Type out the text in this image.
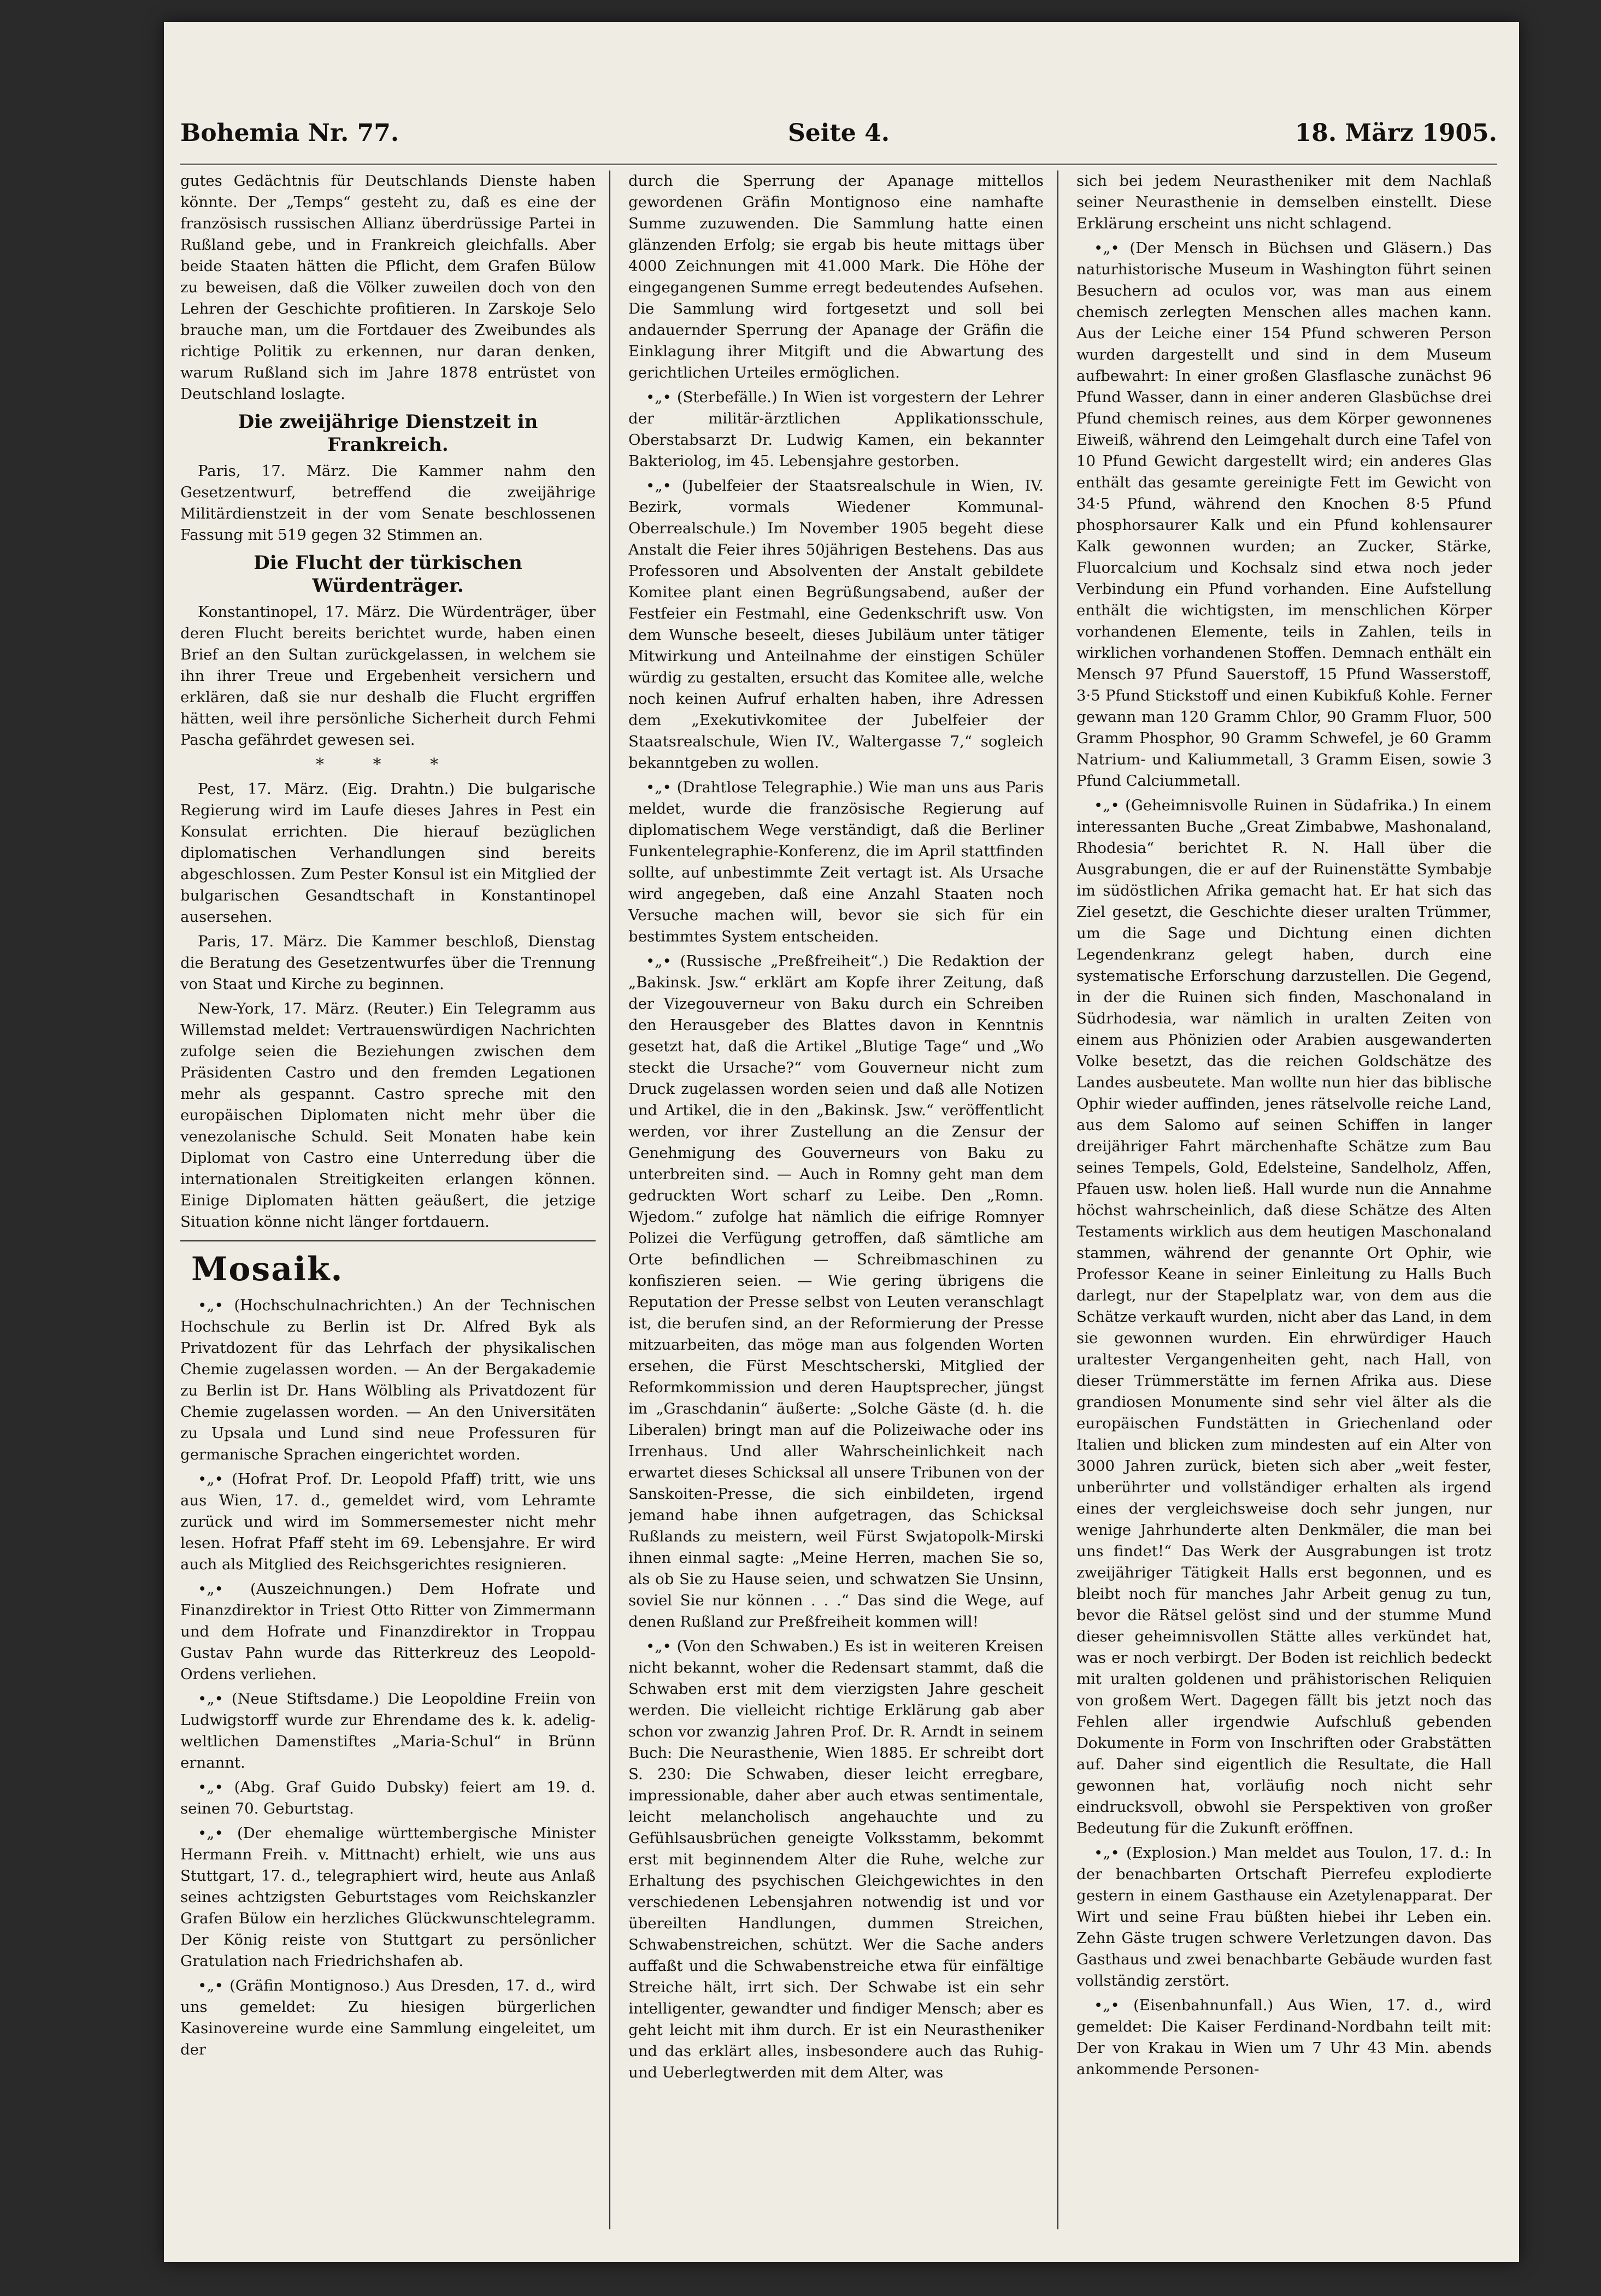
Bohemia Nr. 77.	Seite 4.	18. März 1905.

gutes Gedächtnis für Deutschlands Dienste haben könnte. Der „Temps“ gesteht zu, daß es eine der französisch russischen Allianz überdrüssige Partei in Rußland gebe, und in Frankreich gleichfalls. Aber beide Staaten hätten die Pflicht, dem Grafen Bülow zu beweisen, daß die Völker zuweilen doch von den Lehren der Geschichte profitieren. In Zarskoje Selo brauche man, um die Fortdauer des Zweibundes als richtige Politik zu erkennen, nur daran denken, warum Rußland sich im Jahre 1878 entrüstet von Deutschland loslagte.

Die zweijährige Dienstzeit in Frankreich.

Paris, 17. März. Die Kammer nahm den Gesetzentwurf, betreffend die zweijährige Militärdienstzeit in der vom Senate beschlossenen Fassung mit 519 gegen 32 Stimmen an.

Die Flucht der türkischen Würdenträger.

Konstantinopel, 17. März. Die Würdenträger, über deren Flucht bereits berichtet wurde, haben einen Brief an den Sultan zurückgelassen, in welchem sie ihn ihrer Treue und Ergebenheit versichern und erklären, daß sie nur deshalb die Flucht ergriffen hätten, weil ihre persönliche Sicherheit durch Fehmi Pascha gefährdet gewesen sei.

* * *

Pest, 17. März. (Eig. Drahtn.) Die bulgarische Regierung wird im Laufe dieses Jahres in Pest ein Konsulat errichten. Die hierauf bezüglichen diplomatischen Verhandlungen sind bereits abgeschlossen. Zum Pester Konsul ist ein Mitglied der bulgarischen Gesandtschaft in Konstantinopel ausersehen.

Paris, 17. März. Die Kammer beschloß, Dienstag die Beratung des Gesetzentwurfes über die Trennung von Staat und Kirche zu beginnen.

New-York, 17. März. (Reuter.) Ein Telegramm aus Willemstad meldet: Vertrauenswürdigen Nachrichten zufolge seien die Beziehungen zwischen dem Präsidenten Castro und den fremden Legationen mehr als gespannt. Castro spreche mit den europäischen Diplomaten nicht mehr über die venezolanische Schuld. Seit Monaten habe kein Diplomat von Castro eine Unterredung über die internationalen Streitigkeiten erlangen können. Einige Diplomaten hätten geäußert, die jetzige Situation könne nicht länger fortdauern.

Mosaik.

•„• (Hochschulnachrichten.) An der Technischen Hochschule zu Berlin ist Dr. Alfred Byk als Privatdozent für das Lehrfach der physikalischen Chemie zugelassen worden. — An der Bergakademie zu Berlin ist Dr. Hans Wölbling als Privatdozent für Chemie zugelassen worden. — An den Universitäten zu Upsala und Lund sind neue Professuren für germanische Sprachen eingerichtet worden.

•„• (Hofrat Prof. Dr. Leopold Pfaff) tritt, wie uns aus Wien, 17. d., gemeldet wird, vom Lehramte zurück und wird im Sommersemester nicht mehr lesen. Hofrat Pfaff steht im 69. Lebensjahre. Er wird auch als Mitglied des Reichsgerichtes resignieren.

•„• (Auszeichnungen.) Dem Hofrate und Finanzdirektor in Triest Otto Ritter von Zimmermann und dem Hofrate und Finanzdirektor in Troppau Gustav Pahn wurde das Ritterkreuz des Leopold-Ordens verliehen.

•„• (Neue Stiftsdame.) Die Leopoldine Freiin von Ludwigstorff wurde zur Ehrendame des k. k. adelig-weltlichen Damenstiftes „Maria-Schul“ in Brünn ernannt.

•„• (Abg. Graf Guido Dubsky) feiert am 19. d. seinen 70. Geburtstag.

•„• (Der ehemalige württembergische Minister Hermann Freih. v. Mittnacht) erhielt, wie uns aus Stuttgart, 17. d., telegraphiert wird, heute aus Anlaß seines achtzigsten Geburtstages vom Reichskanzler Grafen Bülow ein herzliches Glückwunschtelegramm. Der König reiste von Stuttgart zu persönlicher Gratulation nach Friedrichshafen ab.

•„• (Gräfin Montignoso.) Aus Dresden, 17. d., wird uns gemeldet: Zu hiesigen bürgerlichen Kasinovereine wurde eine Sammlung eingeleitet, um der

durch die Sperrung der Apanage mittellos gewordenen Gräfin Montignoso eine namhafte Summe zuzuwenden. Die Sammlung hatte einen glänzenden Erfolg; sie ergab bis heute mittags über 4000 Zeichnungen mit 41.000 Mark. Die Höhe der eingegangenen Summe erregt bedeutendes Aufsehen. Die Sammlung wird fortgesetzt und soll bei andauernder Sperrung der Apanage der Gräfin die Einklagung ihrer Mitgift und die Abwartung des gerichtlichen Urteiles ermöglichen.

•„• (Sterbefälle.) In Wien ist vorgestern der Lehrer der militär-ärztlichen Applikationsschule, Oberstabsarzt Dr. Ludwig Kamen, ein bekannter Bakteriolog, im 45. Lebensjahre gestorben.

•„• (Jubelfeier der Staatsrealschule in Wien, IV. Bezirk, vormals Wiedener Kommunal-Oberrealschule.) Im November 1905 begeht diese Anstalt die Feier ihres 50jährigen Bestehens. Das aus Professoren und Absolventen der Anstalt gebildete Komitee plant einen Begrüßungsabend, außer der Festfeier ein Festmahl, eine Gedenkschrift usw. Von dem Wunsche beseelt, dieses Jubiläum unter tätiger Mitwirkung und Anteilnahme der einstigen Schüler würdig zu gestalten, ersucht das Komitee alle, welche noch keinen Aufruf erhalten haben, ihre Adressen dem „Exekutivkomitee der Jubelfeier der Staatsrealschule, Wien IV., Waltergasse 7,“ sogleich bekanntgeben zu wollen.

•„• (Drahtlose Telegraphie.) Wie man uns aus Paris meldet, wurde die französische Regierung auf diplomatischem Wege verständigt, daß die Berliner Funkentelegraphie-Konferenz, die im April stattfinden sollte, auf unbestimmte Zeit vertagt ist. Als Ursache wird angegeben, daß eine Anzahl Staaten noch Versuche machen will, bevor sie sich für ein bestimmtes System entscheiden.

•„• (Russische „Preßfreiheit“.) Die Redaktion der „Bakinsk. Jsw.“ erklärt am Kopfe ihrer Zeitung, daß der Vizegouverneur von Baku durch ein Schreiben den Herausgeber des Blattes davon in Kenntnis gesetzt hat, daß die Artikel „Blutige Tage“ und „Wo steckt die Ursache?“ vom Gouverneur nicht zum Druck zugelassen worden seien und daß alle Notizen und Artikel, die in den „Bakinsk. Jsw.“ veröffentlicht werden, vor ihrer Zustellung an die Zensur der Genehmigung des Gouverneurs von Baku zu unterbreiten sind. — Auch in Romny geht man dem gedruckten Wort scharf zu Leibe. Den „Romn. Wjedom.“ zufolge hat nämlich die eifrige Romnyer Polizei die Verfügung getroffen, daß sämtliche am Orte befindlichen — Schreibmaschinen zu konfiszieren seien. — Wie gering übrigens die Reputation der Presse selbst von Leuten veranschlagt ist, die berufen sind, an der Reformierung der Presse mitzuarbeiten, das möge man aus folgenden Worten ersehen, die Fürst Meschtscherski, Mitglied der Reformkommission und deren Hauptsprecher, jüngst im „Graschdanin“ äußerte: „Solche Gäste (d. h. die Liberalen) bringt man auf die Polizeiwache oder ins Irrenhaus. Und aller Wahrscheinlichkeit nach erwartet dieses Schicksal all unsere Tribunen von der Sanskoiten-Presse, die sich einbildeten, irgend jemand habe ihnen aufgetragen, das Schicksal Rußlands zu meistern, weil Fürst Swjatopolk-Mirski ihnen einmal sagte: „Meine Herren, machen Sie so, als ob Sie zu Hause seien, und schwatzen Sie Unsinn, soviel Sie nur können . . .“ Das sind die Wege, auf denen Rußland zur Preßfreiheit kommen will!

•„• (Von den Schwaben.) Es ist in weiteren Kreisen nicht bekannt, woher die Redensart stammt, daß die Schwaben erst mit dem vierzigsten Jahre gescheit werden. Die vielleicht richtige Erklärung gab aber schon vor zwanzig Jahren Prof. Dr. R. Arndt in seinem Buch: Die Neurasthenie, Wien 1885. Er schreibt dort S. 230: Die Schwaben, dieser leicht erregbare, impressionable, daher aber auch etwas sentimentale, leicht melancholisch angehauchte und zu Gefühlsausbrüchen geneigte Volksstamm, bekommt erst mit beginnendem Alter die Ruhe, welche zur Erhaltung des psychischen Gleichgewichtes in den verschiedenen Lebensjahren notwendig ist und vor übereilten Handlungen, dummen Streichen, Schwabenstreichen, schützt. Wer die Sache anders auffaßt und die Schwabenstreiche etwa für einfältige Streiche hält, irrt sich. Der Schwabe ist ein sehr intelligenter, gewandter und findiger Mensch; aber es geht leicht mit ihm durch. Er ist ein Neurastheniker und das erklärt alles, insbesondere auch das Ruhig- und Ueberlegtwerden mit dem Alter, was

sich bei jedem Neurastheniker mit dem Nachlaß seiner Neurasthenie in demselben einstellt. Diese Erklärung erscheint uns nicht schlagend.

•„• (Der Mensch in Büchsen und Gläsern.) Das naturhistorische Museum in Washington führt seinen Besuchern ad oculos vor, was man aus einem chemisch zerlegten Menschen alles machen kann. Aus der Leiche einer 154 Pfund schweren Person wurden dargestellt und sind in dem Museum aufbewahrt: In einer großen Glasflasche zunächst 96 Pfund Wasser, dann in einer anderen Glasbüchse drei Pfund chemisch reines, aus dem Körper gewonnenes Eiweiß, während den Leimgehalt durch eine Tafel von 10 Pfund Gewicht dargestellt wird; ein anderes Glas enthält das gesamte gereinigte Fett im Gewicht von 34·5 Pfund, während den Knochen 8·5 Pfund phosphorsaurer Kalk und ein Pfund kohlensaurer Kalk gewonnen wurden; an Zucker, Stärke, Fluorcalcium und Kochsalz sind etwa noch jeder Verbindung ein Pfund vorhanden. Eine Aufstellung enthält die wichtigsten, im menschlichen Körper vorhandenen Elemente, teils in Zahlen, teils in wirklichen vorhandenen Stoffen. Demnach enthält ein Mensch 97 Pfund Sauerstoff, 15 Pfund Wasserstoff, 3·5 Pfund Stickstoff und einen Kubikfuß Kohle. Ferner gewann man 120 Gramm Chlor, 90 Gramm Fluor, 500 Gramm Phosphor, 90 Gramm Schwefel, je 60 Gramm Natrium- und Kaliummetall, 3 Gramm Eisen, sowie 3 Pfund Calciummetall.

•„• (Geheimnisvolle Ruinen in Südafrika.) In einem interessanten Buche „Great Zimbabwe, Mashonaland, Rhodesia“ berichtet R. N. Hall über die Ausgrabungen, die er auf der Ruinenstätte Symbabje im südöstlichen Afrika gemacht hat. Er hat sich das Ziel gesetzt, die Geschichte dieser uralten Trümmer, um die Sage und Dichtung einen dichten Legendenkranz gelegt haben, durch eine systematische Erforschung darzustellen. Die Gegend, in der die Ruinen sich finden, Maschonaland in Südrhodesia, war nämlich in uralten Zeiten von einem aus Phönizien oder Arabien ausgewanderten Volke besetzt, das die reichen Goldschätze des Landes ausbeutete. Man wollte nun hier das biblische Ophir wieder auffinden, jenes rätselvolle reiche Land, aus dem Salomo auf seinen Schiffen in langer dreijähriger Fahrt märchenhafte Schätze zum Bau seines Tempels, Gold, Edelsteine, Sandelholz, Affen, Pfauen usw. holen ließ. Hall wurde nun die Annahme höchst wahrscheinlich, daß diese Schätze des Alten Testaments wirklich aus dem heutigen Maschonaland stammen, während der genannte Ort Ophir, wie Professor Keane in seiner Einleitung zu Halls Buch darlegt, nur der Stapelplatz war, von dem aus die Schätze verkauft wurden, nicht aber das Land, in dem sie gewonnen wurden. Ein ehrwürdiger Hauch uraltester Vergangenheiten geht, nach Hall, von dieser Trümmerstätte im fernen Afrika aus. Diese grandiosen Monumente sind sehr viel älter als die europäischen Fundstätten in Griechenland oder Italien und blicken zum mindesten auf ein Alter von 3000 Jahren zurück, bieten sich aber „weit fester, unberührter und vollständiger erhalten als irgend eines der vergleichsweise doch sehr jungen, nur wenige Jahrhunderte alten Denkmäler, die man bei uns findet!“ Das Werk der Ausgrabungen ist trotz zweijähriger Tätigkeit Halls erst begonnen, und es bleibt noch für manches Jahr Arbeit genug zu tun, bevor die Rätsel gelöst sind und der stumme Mund dieser geheimnisvollen Stätte alles verkündet hat, was er noch verbirgt. Der Boden ist reichlich bedeckt mit uralten goldenen und prähistorischen Reliquien von großem Wert. Dagegen fällt bis jetzt noch das Fehlen aller irgendwie Aufschluß gebenden Dokumente in Form von Inschriften oder Grabstätten auf. Daher sind eigentlich die Resultate, die Hall gewonnen hat, vorläufig noch nicht sehr eindrucksvoll, obwohl sie Perspektiven von großer Bedeutung für die Zukunft eröffnen.

•„• (Explosion.) Man meldet aus Toulon, 17. d.: In der benachbarten Ortschaft Pierrefeu explodierte gestern in einem Gasthause ein Azetylenapparat. Der Wirt und seine Frau büßten hiebei ihr Leben ein. Zehn Gäste trugen schwere Verletzungen davon. Das Gasthaus und zwei benachbarte Gebäude wurden fast vollständig zerstört.

•„• (Eisenbahnunfall.) Aus Wien, 17. d., wird gemeldet: Die Kaiser Ferdinand-Nordbahn teilt mit: Der von Krakau in Wien um 7 Uhr 43 Min. abends ankommende Personen-
